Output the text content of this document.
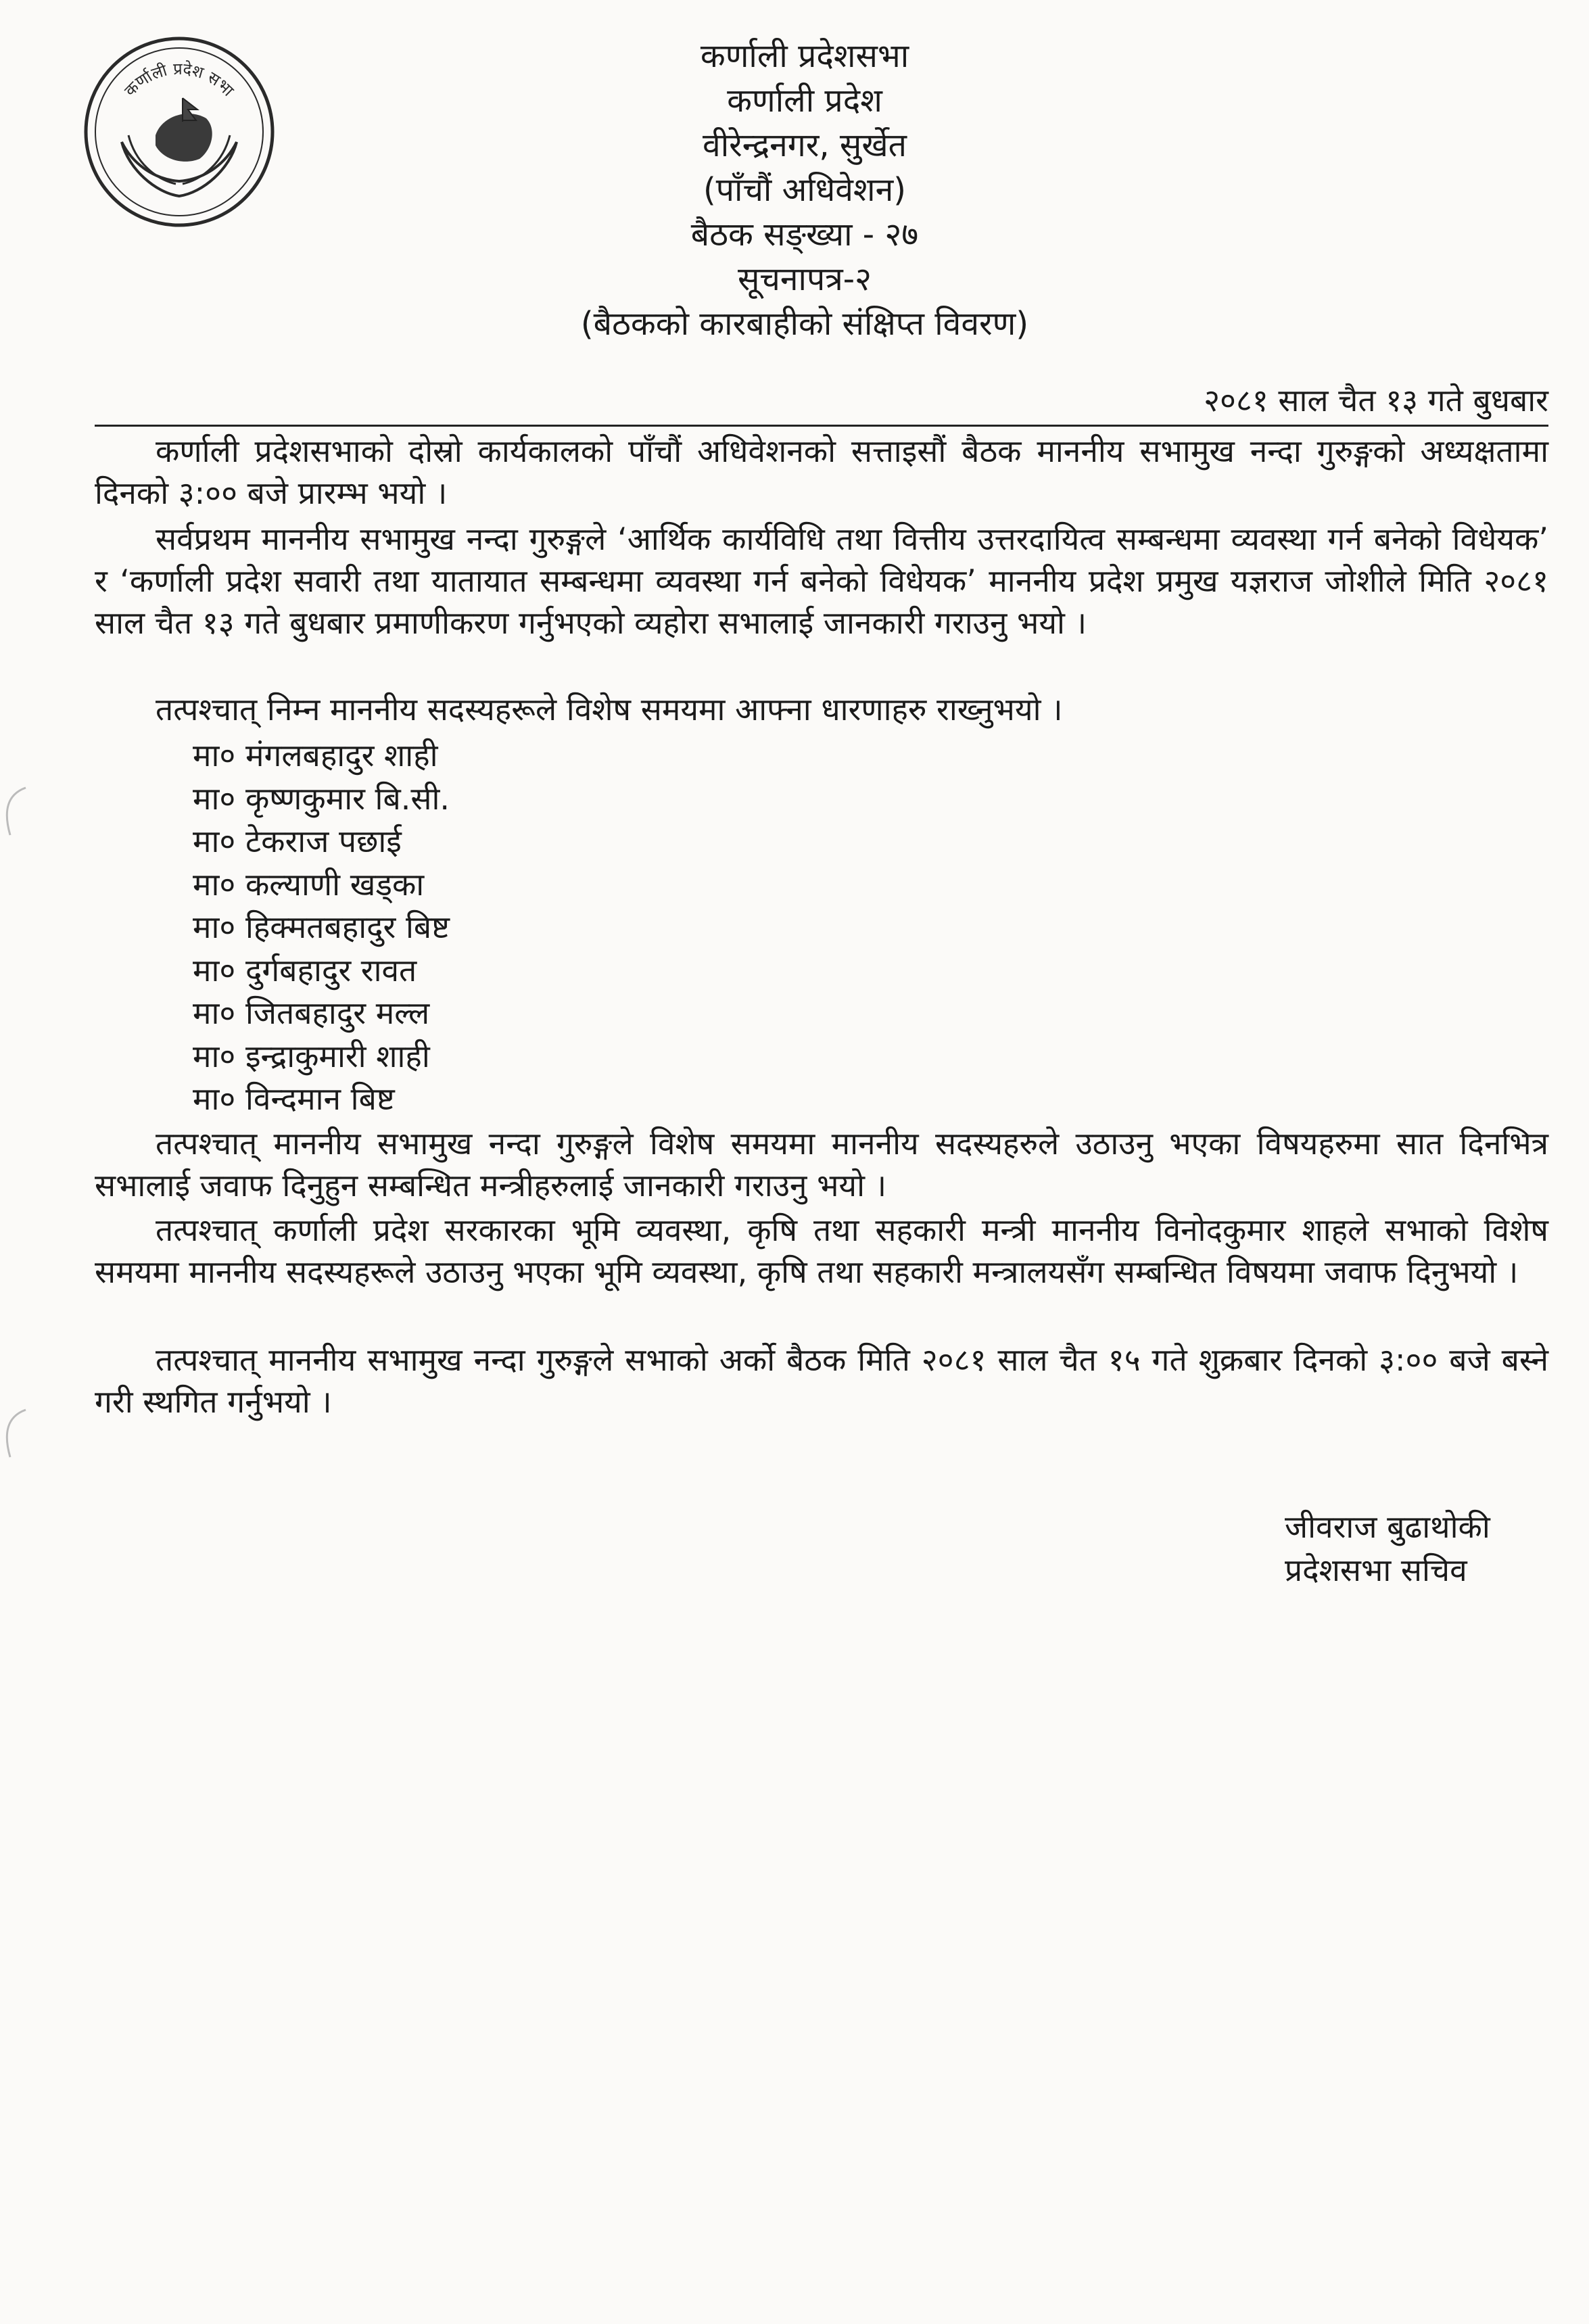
कर्णाली प्रदेश सभा
कर्णाली प्रदेशसभा
कर्णाली प्रदेश
वीरेन्द्रनगर, सुर्खेत
(पाँचौं अधिवेशन)
बैठक सङ्ख्या - २७
सूचनापत्र-२
(बैठकको कारबाहीको संक्षिप्त विवरण)
२०८१ साल चैत १३ गते बुधबार

कर्णाली प्रदेशसभाको दोस्रो कार्यकालको पाँचौं अधिवेशनको सत्ताइसौं बैठक माननीय सभामुख नन्दा गुरुङ्गको अध्यक्षतामा दिनको ३:०० बजे प्रारम्भ भयो ।

सर्वप्रथम माननीय सभामुख नन्दा गुरुङ्गले ‘आर्थिक कार्यविधि तथा वित्तीय उत्तरदायित्व सम्बन्धमा व्यवस्था गर्न बनेको विधेयक’ र ‘कर्णाली प्रदेश सवारी तथा यातायात सम्बन्धमा व्यवस्था गर्न बनेको विधेयक’ माननीय प्रदेश प्रमुख यज्ञराज जोशीले मिति २०८१ साल चैत १३ गते बुधबार प्रमाणीकरण गर्नुभएको व्यहोरा सभालाई जानकारी गराउनु भयो ।

तत्पश्चात् निम्न माननीय सदस्यहरूले विशेष समयमा आफ्ना धारणाहरु राख्नुभयो ।

मा० मंगलबहादुर शाही
मा० कृष्णकुमार बि.सी.
मा० टेकराज पछाई
मा० कल्याणी खड्का
मा० हिक्मतबहादुर बिष्ट
मा० दुर्गबहादुर रावत
मा० जितबहादुर मल्ल
मा० इन्द्राकुमारी शाही
मा० विन्दमान बिष्ट

तत्पश्चात् माननीय सभामुख नन्दा गुरुङ्गले विशेष समयमा माननीय सदस्यहरुले उठाउनु भएका विषयहरुमा सात दिनभित्र सभालाई जवाफ दिनुहुन सम्बन्धित मन्त्रीहरुलाई जानकारी गराउनु भयो ।

तत्पश्चात् कर्णाली प्रदेश सरकारका भूमि व्यवस्था, कृषि तथा सहकारी मन्त्री माननीय विनोदकुमार शाहले सभाको विशेष समयमा माननीय सदस्यहरूले उठाउनु भएका भूमि व्यवस्था, कृषि तथा सहकारी मन्त्रालयसँग सम्बन्धित विषयमा जवाफ दिनुभयो ।

तत्पश्चात् माननीय सभामुख नन्दा गुरुङ्गले सभाको अर्को बैठक मिति २०८१ साल चैत १५ गते शुक्रबार दिनको ३:०० बजे बस्ने गरी स्थगित गर्नुभयो ।

जीवराज बुढाथोकी
प्रदेशसभा सचिव
